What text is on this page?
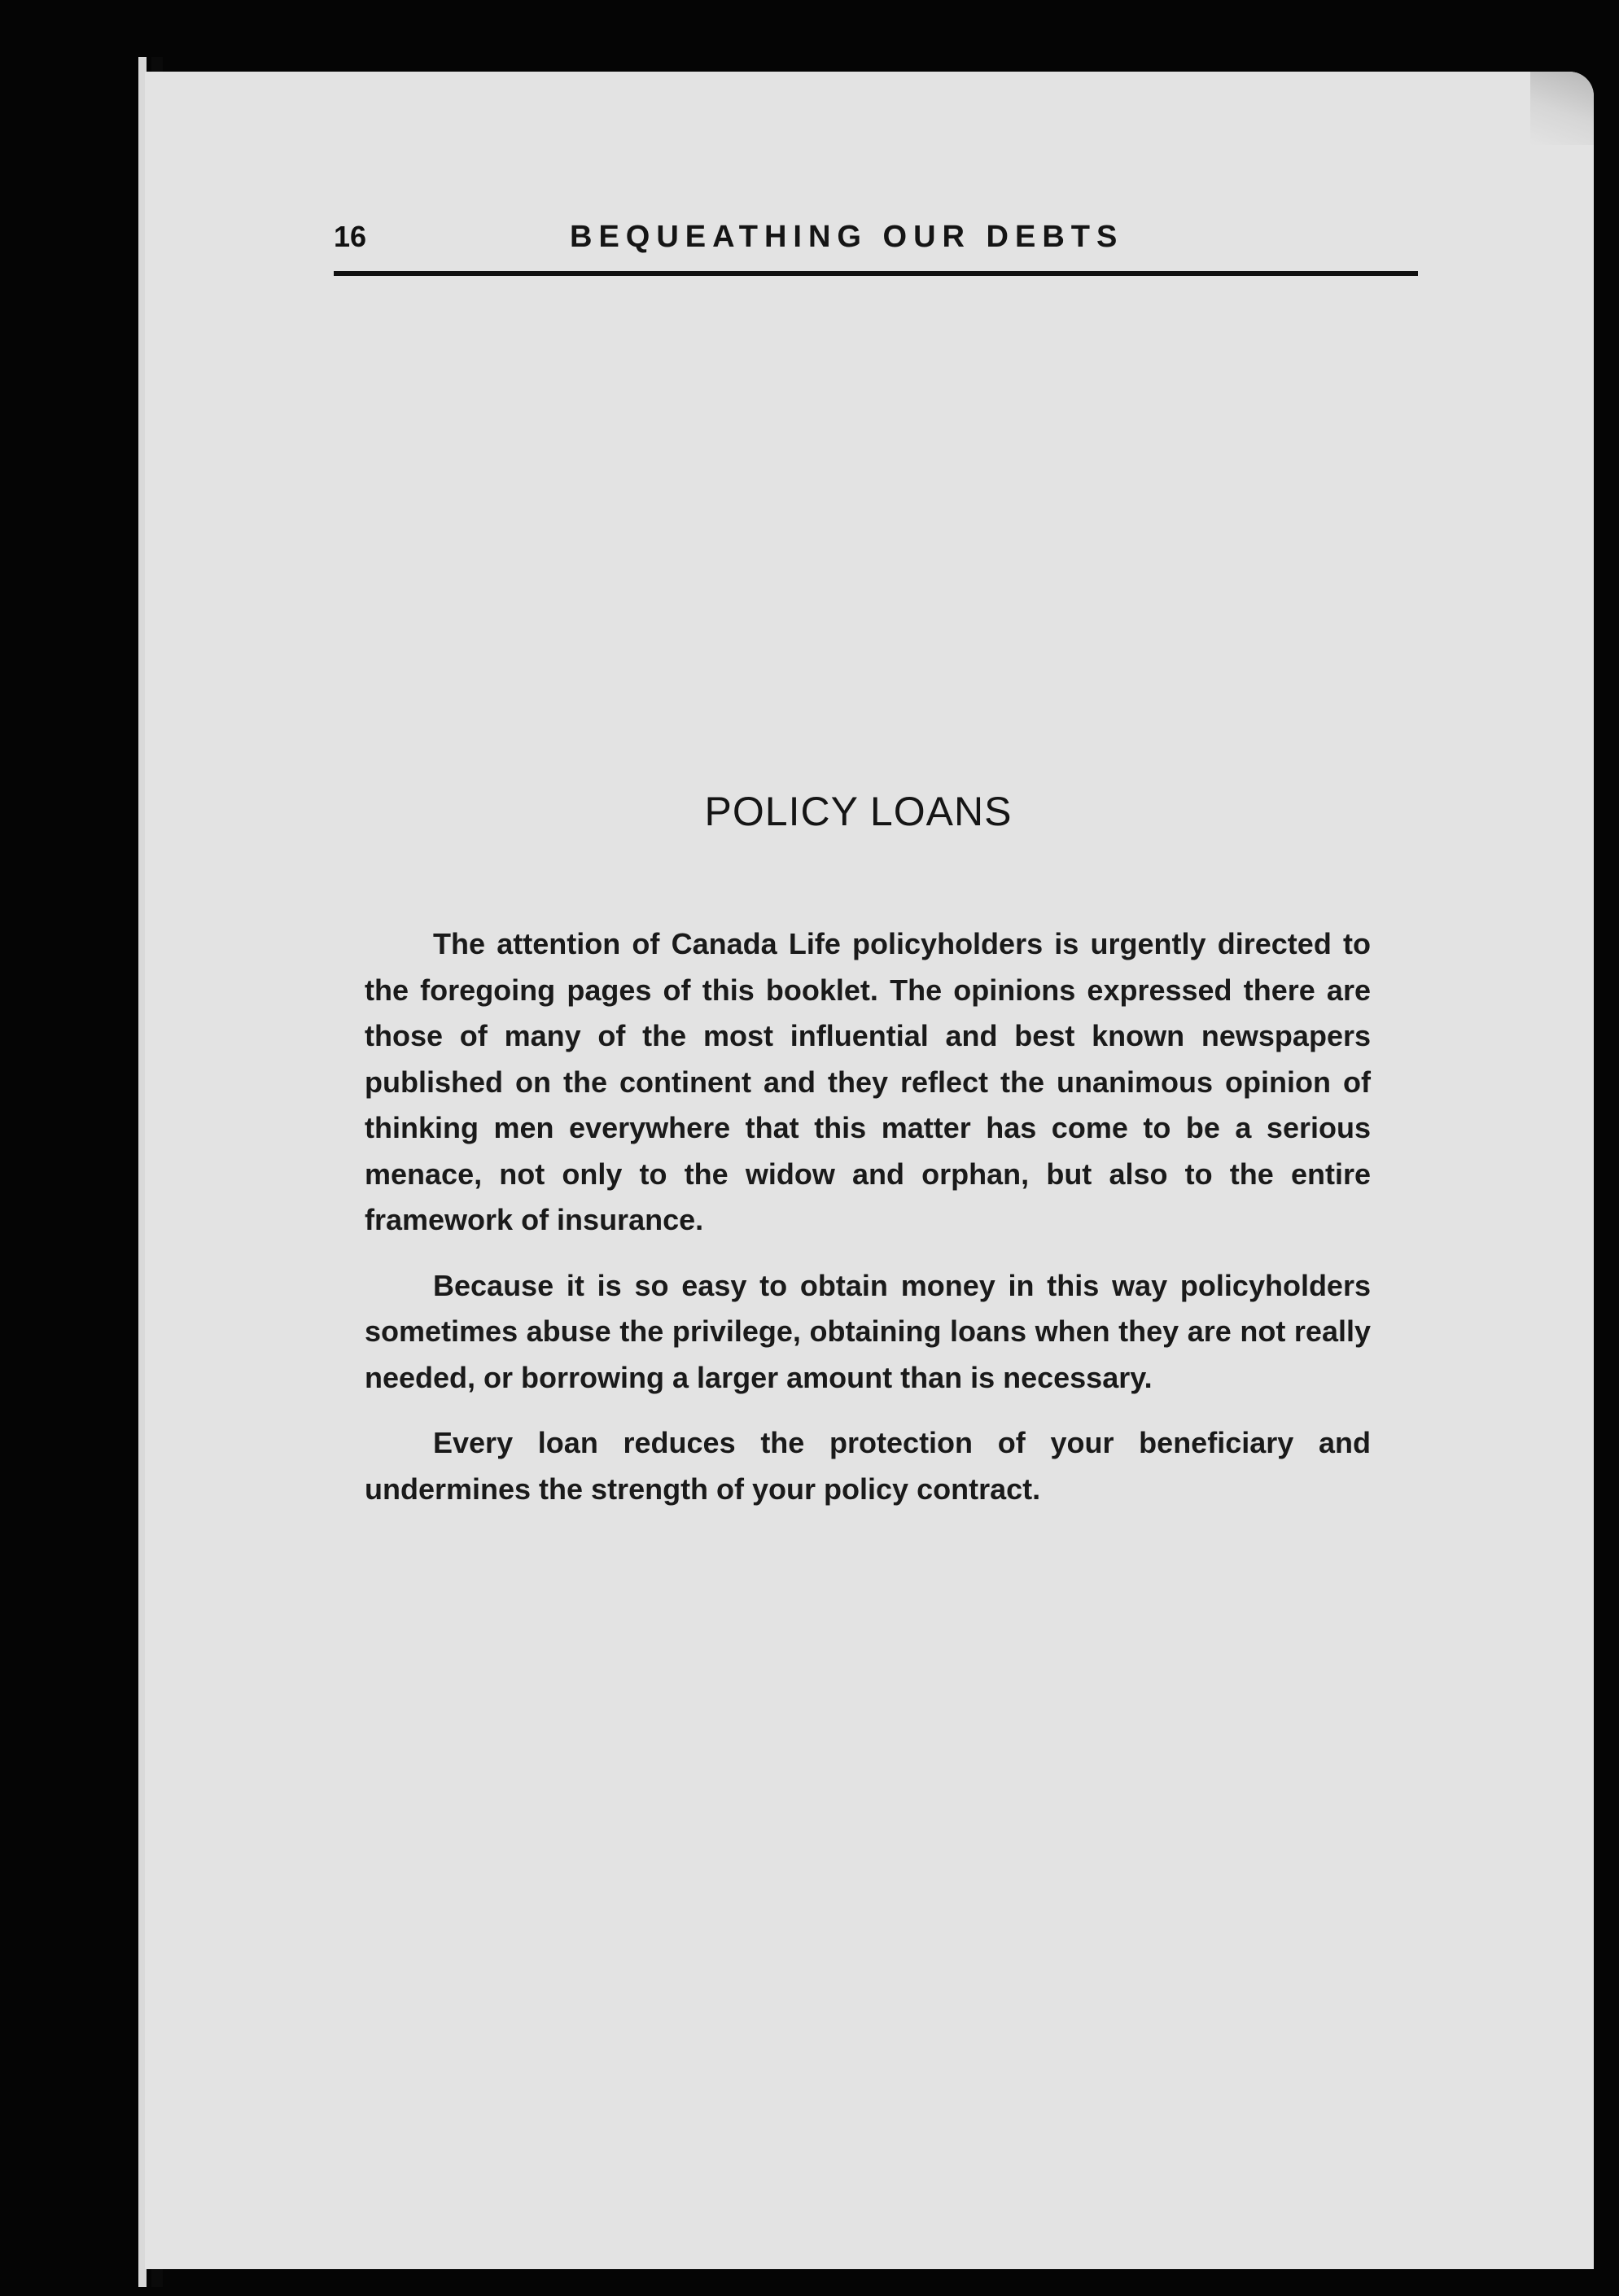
16	BEQUEATHING OUR DEBTS
POLICY LOANS

The attention of Canada Life policyholders is urgently directed to the foregoing pages of this booklet. The opinions expressed there are those of many of the most influential and best known newspapers published on the continent and they reflect the unanimous opinion of thinking men everywhere that this matter has come to be a serious menace, not only to the widow and orphan, but also to the entire framework of insurance.

Because it is so easy to obtain money in this way policyholders sometimes abuse the privilege, obtaining loans when they are not really needed, or borrowing a larger amount than is necessary.

Every loan reduces the protection of your beneficiary and undermines the strength of your policy contract.
